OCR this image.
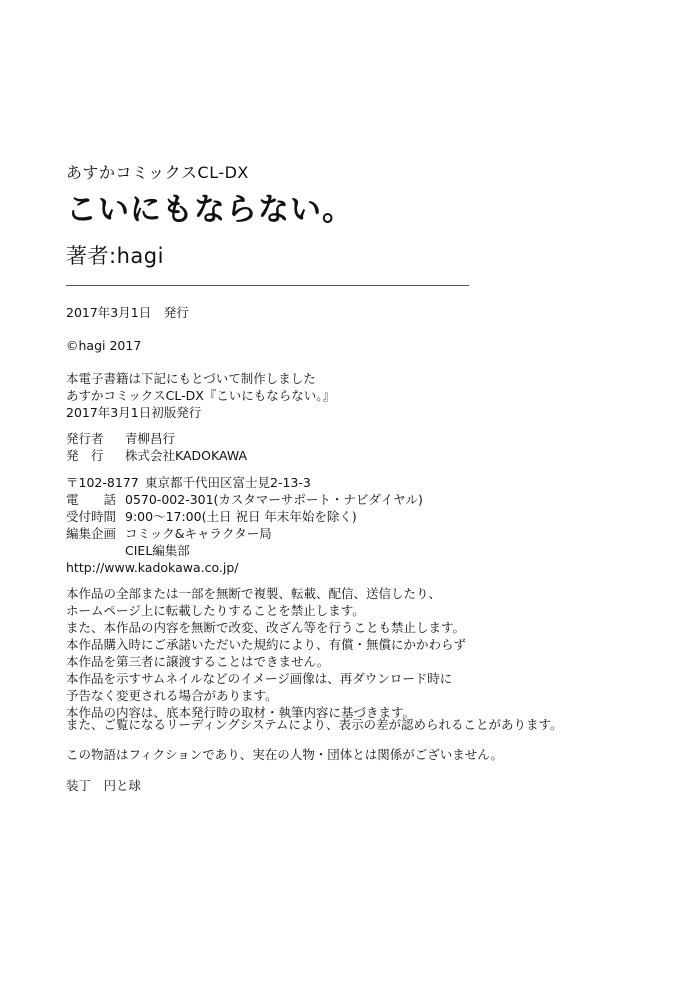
あすかコミックスCL-DX
こいにもならない。
著者:hagi
2017年3月1日　発行
©hagi 2017
本電子書籍は下記にもとづいて制作しました
あすかコミックスCL-DX『こいにもならない。』
2017年3月1日初版発行
発行者	青柳昌行
発　行	株式会社KADOKAWA
〒102-8177 東京都千代田区富士見2-13-3
電　　話 0570-002-301(カスタマーサポート・ナビダイヤル)
受付時間 9:00～17:00(土日 祝日 年末年始を除く)
編集企画 コミック&キャラクター局
CIEL編集部
http://www.kadokawa.co.jp/
本作品の全部または一部を無断で複製、転載、配信、送信したり、
ホームページ上に転載したりすることを禁止します。
また、本作品の内容を無断で改変、改ざん等を行うことも禁止します。
本作品購入時にご承諾いただいた規約により、有償・無償にかかわらず
本作品を第三者に譲渡することはできません。
本作品を示すサムネイルなどのイメージ画像は、再ダウンロード時に
予告なく変更される場合があります。
本作品の内容は、底本発行時の取材・執筆内容に基づきます。
また、ご覧になるリーディングシステムにより、表示の差が認められることがあります。
この物語はフィクションであり、実在の人物・団体とは関係がございません。
装丁　円と球
